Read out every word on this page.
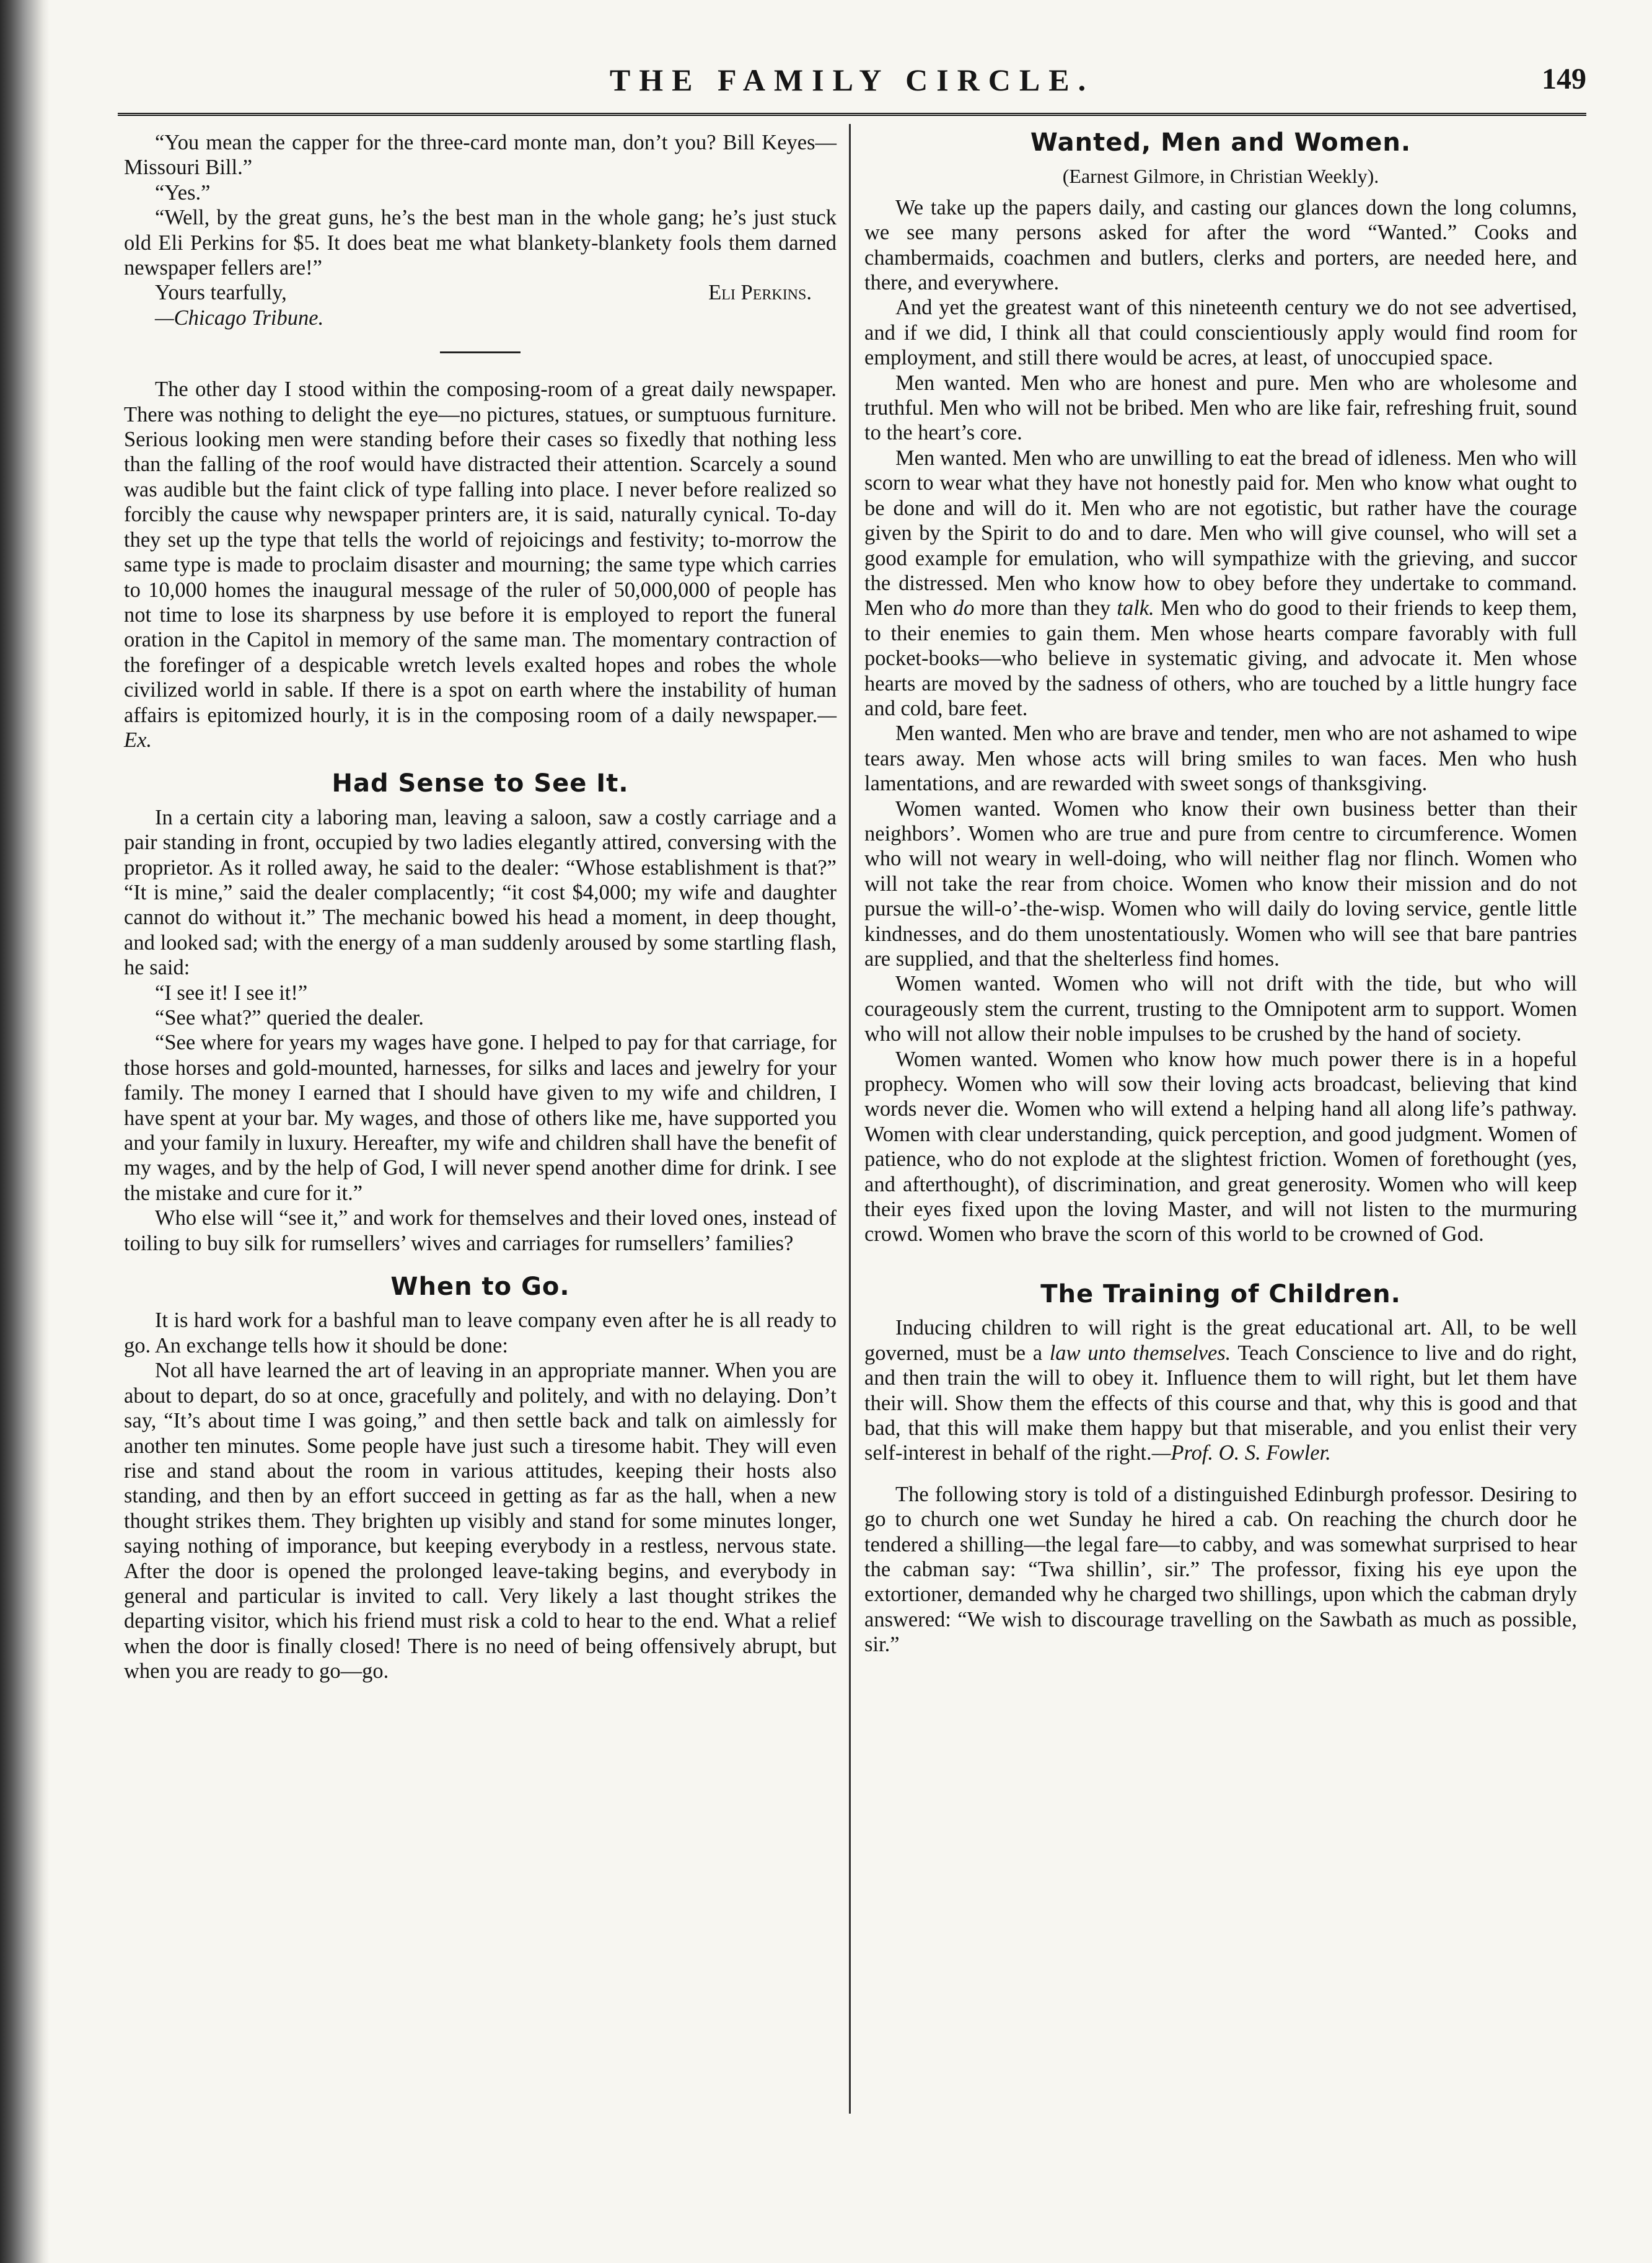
THE FAMILY CIRCLE.	149

“You mean the capper for the three-card monte man, don’t you? Bill Keyes—Missouri Bill.”

“Yes.”

“Well, by the great guns, he’s the best man in the whole gang; he’s just stuck old Eli Perkins for $5. It does beat me what blankety-blankety fools them darned newspaper fellers are!”

Yours tearfully,	Eli Perkins.
—Chicago Tribune.

The other day I stood within the composing-room of a great daily newspaper. There was nothing to delight the eye—no pictures, statues, or sumptuous furniture. Serious looking men were standing before their cases so fixedly that nothing less than the falling of the roof would have distracted their attention. Scarcely a sound was audible but the faint click of type falling into place. I never before realized so forcibly the cause why newspaper printers are, it is said, naturally cynical. To-day they set up the type that tells the world of rejoicings and festivity; to-morrow the same type is made to proclaim disaster and mourning; the same type which carries to 10,000 homes the inaugural message of the ruler of 50,000,000 of people has not time to lose its sharpness by use before it is employed to report the funeral oration in the Capitol in memory of the same man. The momentary contraction of the forefinger of a despicable wretch levels exalted hopes and robes the whole civilized world in sable. If there is a spot on earth where the instability of human affairs is epitomized hourly, it is in the composing room of a daily newspaper.—Ex.

Had Sense to See It.

In a certain city a laboring man, leaving a saloon, saw a costly carriage and a pair standing in front, occupied by two ladies elegantly attired, conversing with the proprietor. As it rolled away, he said to the dealer: “Whose establishment is that?” “It is mine,” said the dealer complacently; “it cost $4,000; my wife and daughter cannot do without it.” The mechanic bowed his head a moment, in deep thought, and looked sad; with the energy of a man suddenly aroused by some startling flash, he said:

“I see it! I see it!”

“See what?” queried the dealer.

“See where for years my wages have gone. I helped to pay for that carriage, for those horses and gold-mounted, harnesses, for silks and laces and jewelry for your family. The money I earned that I should have given to my wife and children, I have spent at your bar. My wages, and those of others like me, have supported you and your family in luxury. Hereafter, my wife and children shall have the benefit of my wages, and by the help of God, I will never spend another dime for drink. I see the mistake and cure for it.”

Who else will “see it,” and work for themselves and their loved ones, instead of toiling to buy silk for rumsellers’ wives and carriages for rumsellers’ families?

When to Go.

It is hard work for a bashful man to leave company even after he is all ready to go. An exchange tells how it should be done:

Not all have learned the art of leaving in an appropriate manner. When you are about to depart, do so at once, gracefully and politely, and with no delaying. Don’t say, “It’s about time I was going,” and then settle back and talk on aimlessly for another ten minutes. Some people have just such a tiresome habit. They will even rise and stand about the room in various attitudes, keeping their hosts also standing, and then by an effort succeed in getting as far as the hall, when a new thought strikes them. They brighten up visibly and stand for some minutes longer, saying nothing of imporance, but keeping everybody in a restless, nervous state. After the door is opened the prolonged leave-taking begins, and everybody in general and particular is invited to call. Very likely a last thought strikes the departing visitor, which his friend must risk a cold to hear to the end. What a relief when the door is finally closed! There is no need of being offensively abrupt, but when you are ready to go—go.

Wanted, Men and Women.
(Earnest Gilmore, in Christian Weekly).

We take up the papers daily, and casting our glances down the long columns, we see many persons asked for after the word “Wanted.” Cooks and chambermaids, coachmen and butlers, clerks and porters, are needed here, and there, and everywhere.

And yet the greatest want of this nineteenth century we do not see advertised, and if we did, I think all that could conscientiously apply would find room for employment, and still there would be acres, at least, of unoccupied space.

Men wanted. Men who are honest and pure. Men who are wholesome and truthful. Men who will not be bribed. Men who are like fair, refreshing fruit, sound to the heart’s core.

Men wanted. Men who are unwilling to eat the bread of idleness. Men who will scorn to wear what they have not honestly paid for. Men who know what ought to be done and will do it. Men who are not egotistic, but rather have the courage given by the Spirit to do and to dare. Men who will give counsel, who will set a good example for emulation, who will sympathize with the grieving, and succor the distressed. Men who know how to obey before they undertake to command. Men who do more than they talk. Men who do good to their friends to keep them, to their enemies to gain them. Men whose hearts compare favorably with full pocket-books—who believe in systematic giving, and advocate it. Men whose hearts are moved by the sadness of others, who are touched by a little hungry face and cold, bare feet.

Men wanted. Men who are brave and tender, men who are not ashamed to wipe tears away. Men whose acts will bring smiles to wan faces. Men who hush lamentations, and are rewarded with sweet songs of thanksgiving.

Women wanted. Women who know their own business better than their neighbors’. Women who are true and pure from centre to circumference. Women who will not weary in well-doing, who will neither flag nor flinch. Women who will not take the rear from choice. Women who know their mission and do not pursue the will-o’-the-wisp. Women who will daily do loving service, gentle little kindnesses, and do them unostentatiously. Women who will see that bare pantries are supplied, and that the shelterless find homes.

Women wanted. Women who will not drift with the tide, but who will courageously stem the current, trusting to the Omnipotent arm to support. Women who will not allow their noble impulses to be crushed by the hand of society.

Women wanted. Women who know how much power there is in a hopeful prophecy. Women who will sow their loving acts broadcast, believing that kind words never die. Women who will extend a helping hand all along life’s pathway. Women with clear understanding, quick perception, and good judgment. Women of patience, who do not explode at the slightest friction. Women of forethought (yes, and afterthought), of discrimination, and great generosity. Women who will keep their eyes fixed upon the loving Master, and will not listen to the murmuring crowd. Women who brave the scorn of this world to be crowned of God.

The Training of Children.

Inducing children to will right is the great educational art. All, to be well governed, must be a law unto themselves. Teach Conscience to live and do right, and then train the will to obey it. Influence them to will right, but let them have their will. Show them the effects of this course and that, why this is good and that bad, that this will make them happy but that miserable, and you enlist their very self-interest in behalf of the right.—Prof. O. S. Fowler.

The following story is told of a distinguished Edinburgh professor. Desiring to go to church one wet Sunday he hired a cab. On reaching the church door he tendered a shilling—the legal fare—to cabby, and was somewhat surprised to hear the cabman say: “Twa shillin’, sir.” The professor, fixing his eye upon the extortioner, demanded why he charged two shillings, upon which the cabman dryly answered: “We wish to discourage travelling on the Sawbath as much as possible, sir.”
